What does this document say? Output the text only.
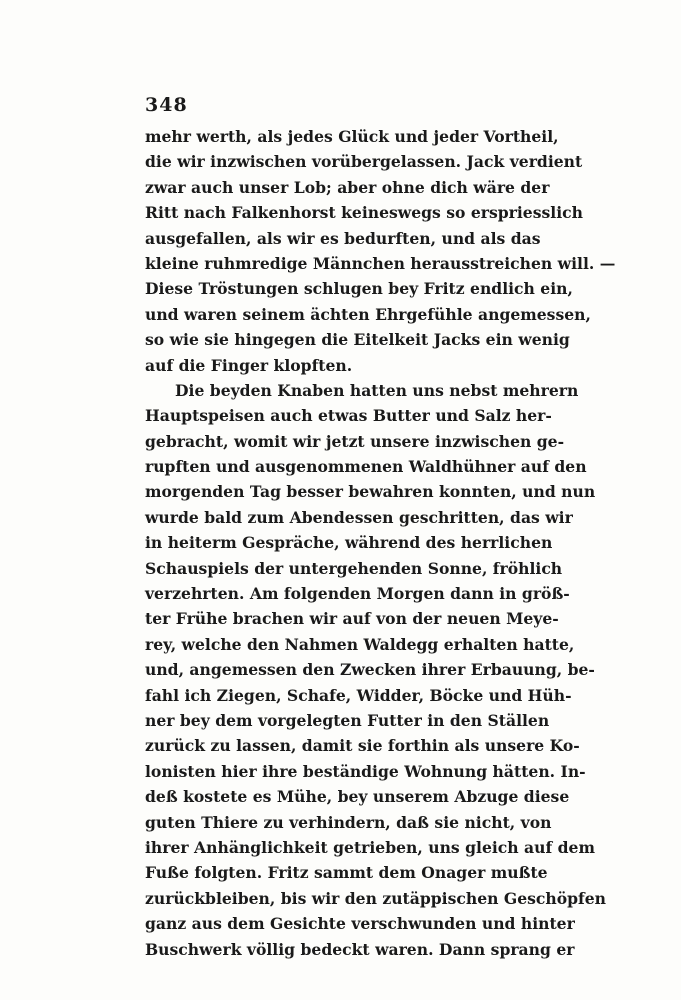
348
mehr werth, als jedes Glück und jeder Vortheil,
die wir inzwischen vorübergelassen. Jack verdient
zwar auch unser Lob; aber ohne dich wäre der
Ritt nach Falkenhorst keineswegs so erspriesslich
ausgefallen, als wir es bedurften, und als das
kleine ruhmredige Männchen herausstreichen will. —
Diese Tröstungen schlugen bey Fritz endlich ein,
und waren seinem ächten Ehrgefühle angemessen,
so wie sie hingegen die Eitelkeit Jacks ein wenig
auf die Finger klopften.
Die beyden Knaben hatten uns nebst mehrern
Hauptspeisen auch etwas Butter und Salz her-
gebracht, womit wir jetzt unsere inzwischen ge-
rupften und ausgenommenen Waldhühner auf den
morgenden Tag besser bewahren konnten, und nun
wurde bald zum Abendessen geschritten, das wir
in heiterm Gespräche, während des herrlichen
Schauspiels der untergehenden Sonne, fröhlich
verzehrten. Am folgenden Morgen dann in größ-
ter Frühe brachen wir auf von der neuen Meye-
rey, welche den Nahmen Waldegg erhalten hatte,
und, angemessen den Zwecken ihrer Erbauung, be-
fahl ich Ziegen, Schafe, Widder, Böcke und Hüh-
ner bey dem vorgelegten Futter in den Ställen
zurück zu lassen, damit sie forthin als unsere Ko-
lonisten hier ihre beständige Wohnung hätten. In-
deß kostete es Mühe, bey unserem Abzuge diese
guten Thiere zu verhindern, daß sie nicht, von
ihrer Anhänglichkeit getrieben, uns gleich auf dem
Fuße folgten. Fritz sammt dem Onager mußte
zurückbleiben, bis wir den zutäppischen Geschöpfen
ganz aus dem Gesichte verschwunden und hinter
Buschwerk völlig bedeckt waren. Dann sprang er
